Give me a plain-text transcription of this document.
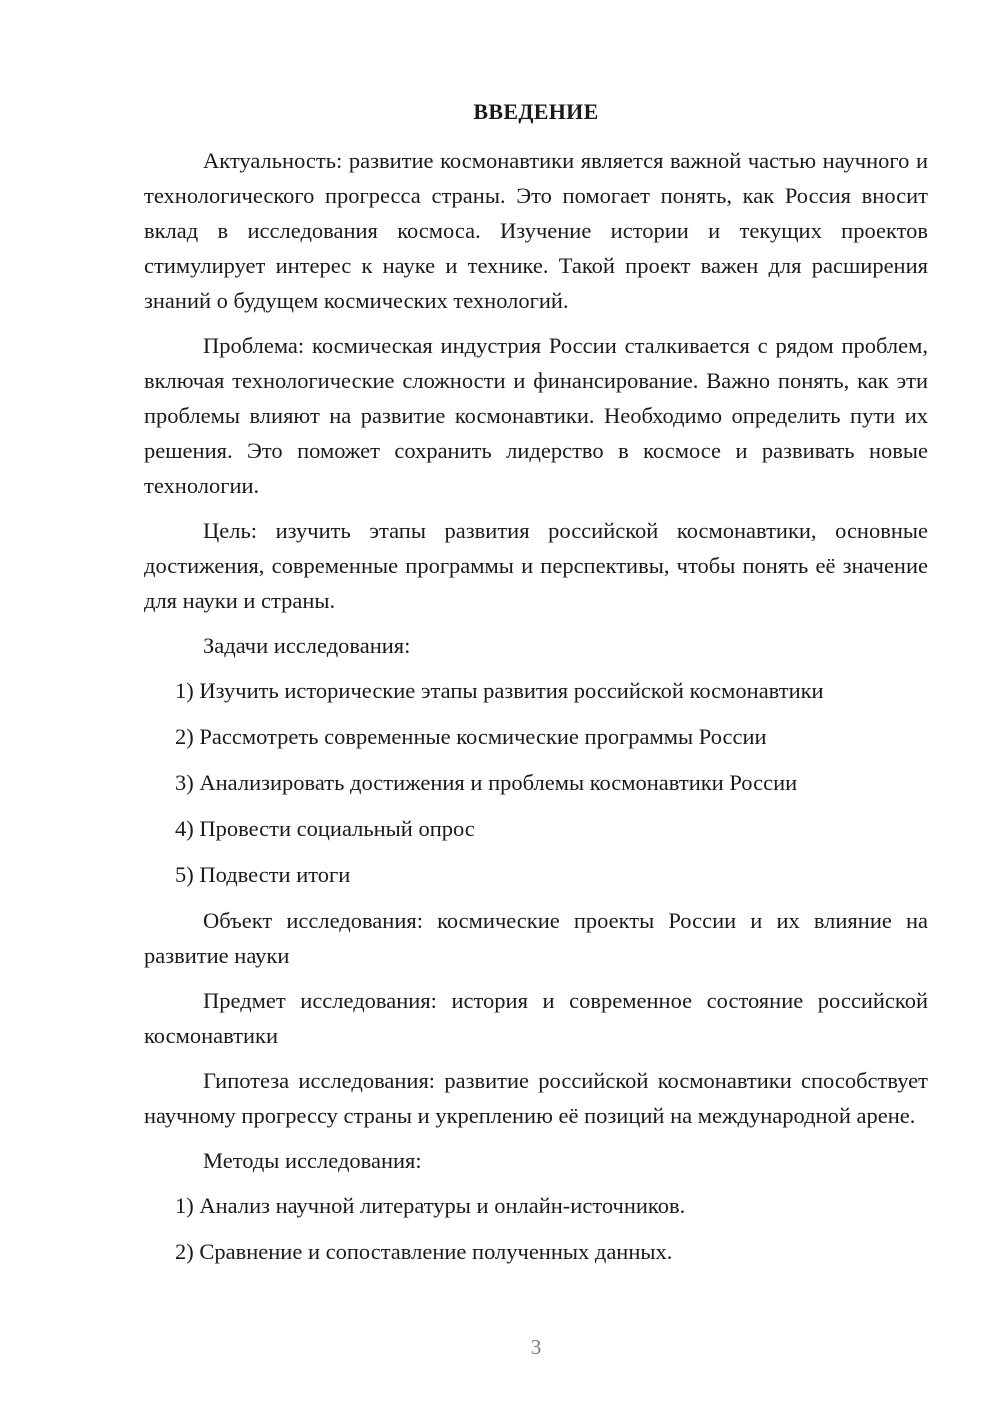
ВВЕДЕНИЕ

Актуальность: развитие космонавтики является важной частью научного и технологического прогресса страны. Это помогает понять, как Россия вносит вклад в исследования космоса. Изучение истории и текущих проектов стимулирует интерес к науке и технике. Такой проект важен для расширения знаний о будущем космических технологий.

Проблема: космическая индустрия России сталкивается с рядом проблем, включая технологические сложности и финансирование. Важно понять, как эти проблемы влияют на развитие космонавтики. Необходимо определить пути их решения. Это поможет сохранить лидерство в космосе и развивать новые технологии.

Цель: изучить этапы развития российской космонавтики, основные достижения, современные программы и перспективы, чтобы понять её значение для науки и страны.

Задачи исследования:

1) Изучить исторические этапы развития российской космонавтики

2) Рассмотреть современные космические программы России

3) Анализировать достижения и проблемы космонавтики России

4) Провести социальный опрос

5) Подвести итоги

Объект исследования: космические проекты России и их влияние на развитие науки

Предмет исследования: история и современное состояние российской космонавтики

Гипотеза исследования: развитие российской космонавтики способствует научному прогрессу страны и укреплению её позиций на международной арене.

Методы исследования:

1) Анализ научной литературы и онлайн-источников.

2) Сравнение и сопоставление полученных данных.

3
